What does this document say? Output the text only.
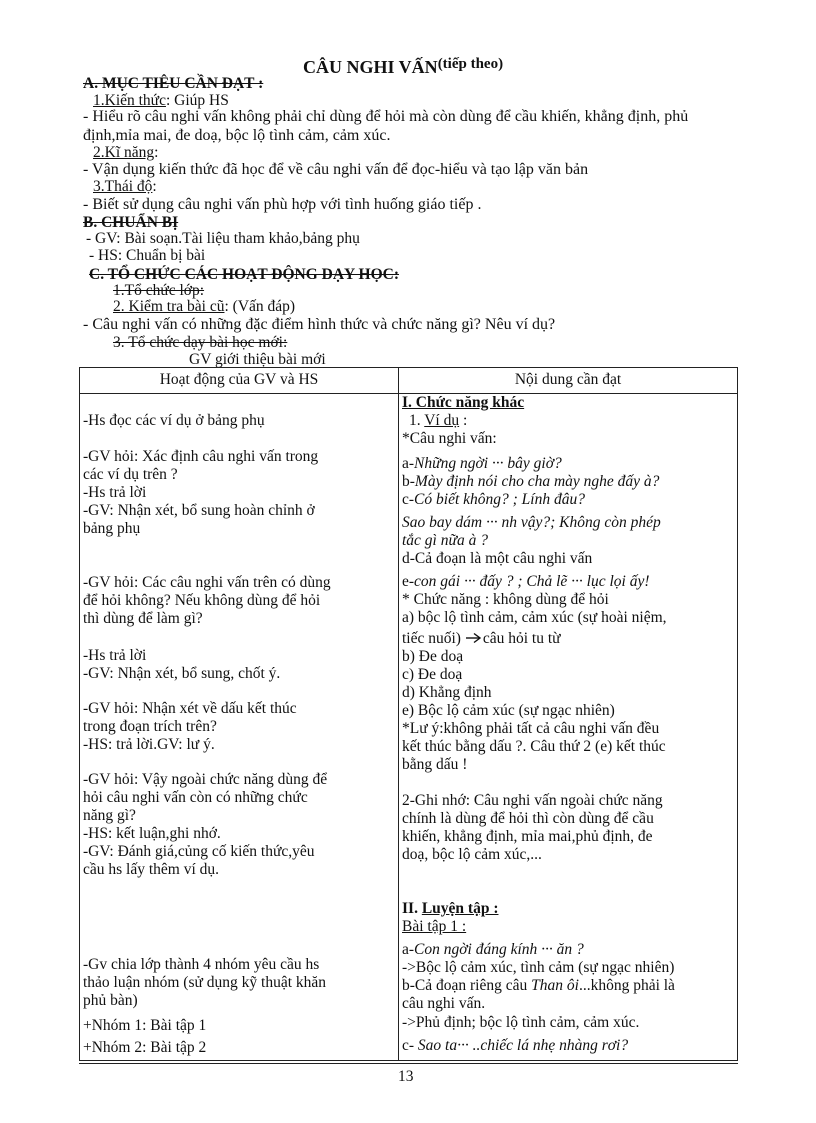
CÂU NGHI VẤN$^{(tiếp theo)}$
A. MỤC TIÊU CẦN ĐẠT :
1.Kiến thức: Giúp HS
- Hiểu rõ câu nghi vấn không phải chỉ dùng để hỏi mà còn dùng để cầu khiến, khẳng định, phủ định,mỉa mai, đe doạ, bộc lộ tình cảm, cảm xúc.
2.Kĩ năng:
- Vận dụng kiến thức đã học để về câu nghi vấn để đọc-hiểu và tạo lập văn bản
3.Thái độ:
- Biết sử dụng câu nghi vấn phù hợp với tình huống giáo tiếp .
B. CHUẨN BỊ
- GV: Bài soạn.Tài liệu tham khảo,bảng phụ
- HS: Chuẩn bị bài
C. TỔ CHỨC CÁC HOẠT ĐỘNG DẠY HỌC:
1.Tổ chức lớp:
2. Kiểm tra bài cũ: (Vấn đáp)
- Câu nghi vấn có những đặc điểm hình thức và chức năng gì? Nêu ví dụ?
3. Tổ chức dạy bài học mới:
GV giới thiệu bài mới
Hoạt động của GV và HS	Nội dung cần đạt
-Hs đọc các ví dụ ở bảng phụ
-GV hỏi: Xác định câu nghi vấn trong
các ví dụ trên ?
-Hs trả lời
-GV: Nhận xét, bổ sung hoàn chỉnh ở
bảng phụ
-GV hỏi: Các câu nghi vấn trên có dùng
để hỏi không? Nếu không dùng để hỏi
thì dùng để làm gì?
-Hs trả lời
-GV: Nhận xét, bổ sung, chốt ý.
-GV hỏi: Nhận xét về dấu kết thúc
trong đoạn trích trên?
-HS: trả lời.GV: lư ý.
-GV hỏi: Vậy ngoài chức năng dùng để
hỏi câu nghi vấn còn có những chức
năng gì?
-HS: kết luận,ghi nhớ.
-GV: Đánh giá,củng cố kiến thức,yêu
cầu hs lấy thêm ví dụ.
-Gv chia lớp thành 4 nhóm yêu cầu hs
thảo luận nhóm (sử dụng kỹ thuật khăn
phủ bàn)
+Nhóm 1: Bài tập 1
+Nhóm 2: Bài tập 2
I. Chức năng khác
1. Ví dụ :
*Câu nghi vấn:
a-Những ngời ··· bây giờ?
b-Mày định nói cho cha mày nghe đấy à?
c-Có biết không? ; Lính đâu?
Sao bay dám ··· nh vậy?; Không còn phép
tắc gì nữa à ?
d-Cả đoạn là một câu nghi vấn
e-con gái ··· đấy ? ; Chả lẽ ··· lục lọi ấy!
* Chức năng : không dùng để hỏi
a) bộc lộ tình cảm, cảm xúc (sự hoài niệm,
tiếc nuối) câu hỏi tu từ
b) Đe doạ
c) Đe doạ
d) Khẳng định
e) Bộc lộ cảm xúc (sự ngạc nhiên)
*Lư ý:không phải tất cả câu nghi vấn đều
kết thúc bằng dấu ?. Câu thứ 2 (e) kết thúc
bằng dấu !
2-Ghi nhớ: Câu nghi vấn ngoài chức năng
chính là dùng để hỏi thì còn dùng để cầu
khiến, khẳng định, mỉa mai,phủ định, đe
doạ, bộc lộ cảm xúc,...
II. Luyện tập :
Bài tập 1 :
a-Con ngời đáng kính ··· ăn ?
->Bộc lộ cảm xúc, tình cảm (sự ngạc nhiên)
b-Cả đoạn riêng câu Than ôi...không phải là
câu nghi vấn.
->Phủ định; bộc lộ tình cảm, cảm xúc.
c- Sao ta··· ..chiếc lá nhẹ nhàng rơi?
13
